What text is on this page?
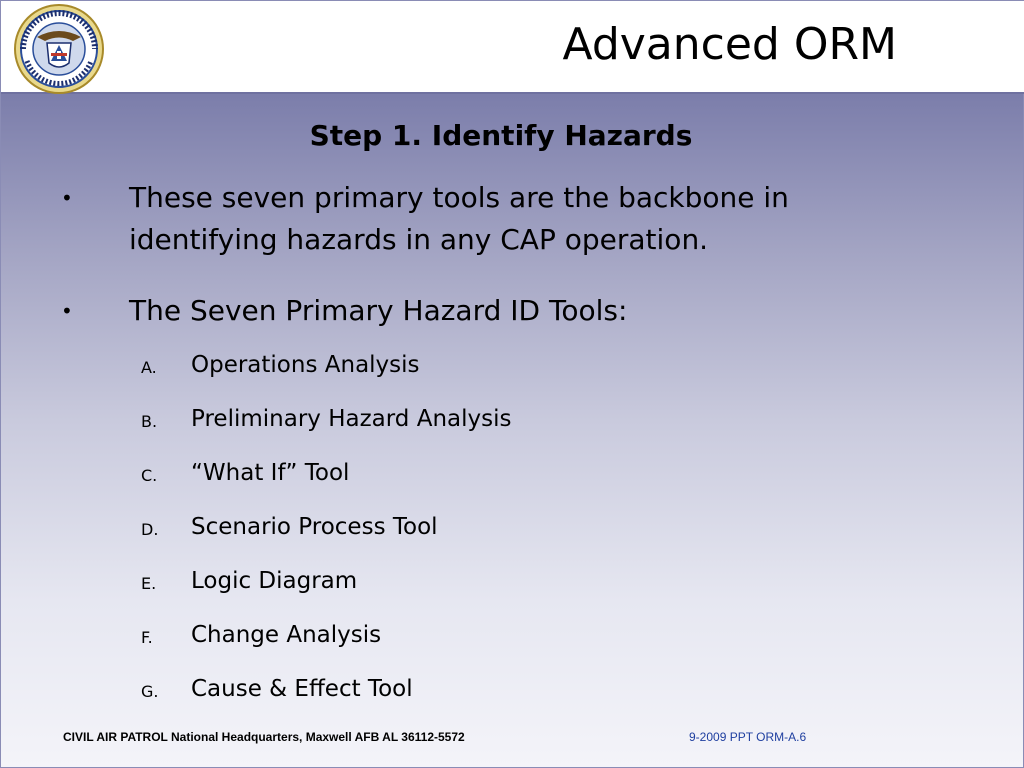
Advanced ORM
Step 1. Identify Hazards
• These seven primary tools are the backbone in identifying hazards in any CAP operation.
• The Seven Primary Hazard ID Tools:
A. Operations Analysis
B. Preliminary Hazard Analysis
C. “What If” Tool
D. Scenario Process Tool
E. Logic Diagram
F. Change Analysis
G. Cause & Effect Tool
CIVIL AIR PATROL National Headquarters, Maxwell AFB AL 36112-5572	9-2009 PPT ORM-A.6
